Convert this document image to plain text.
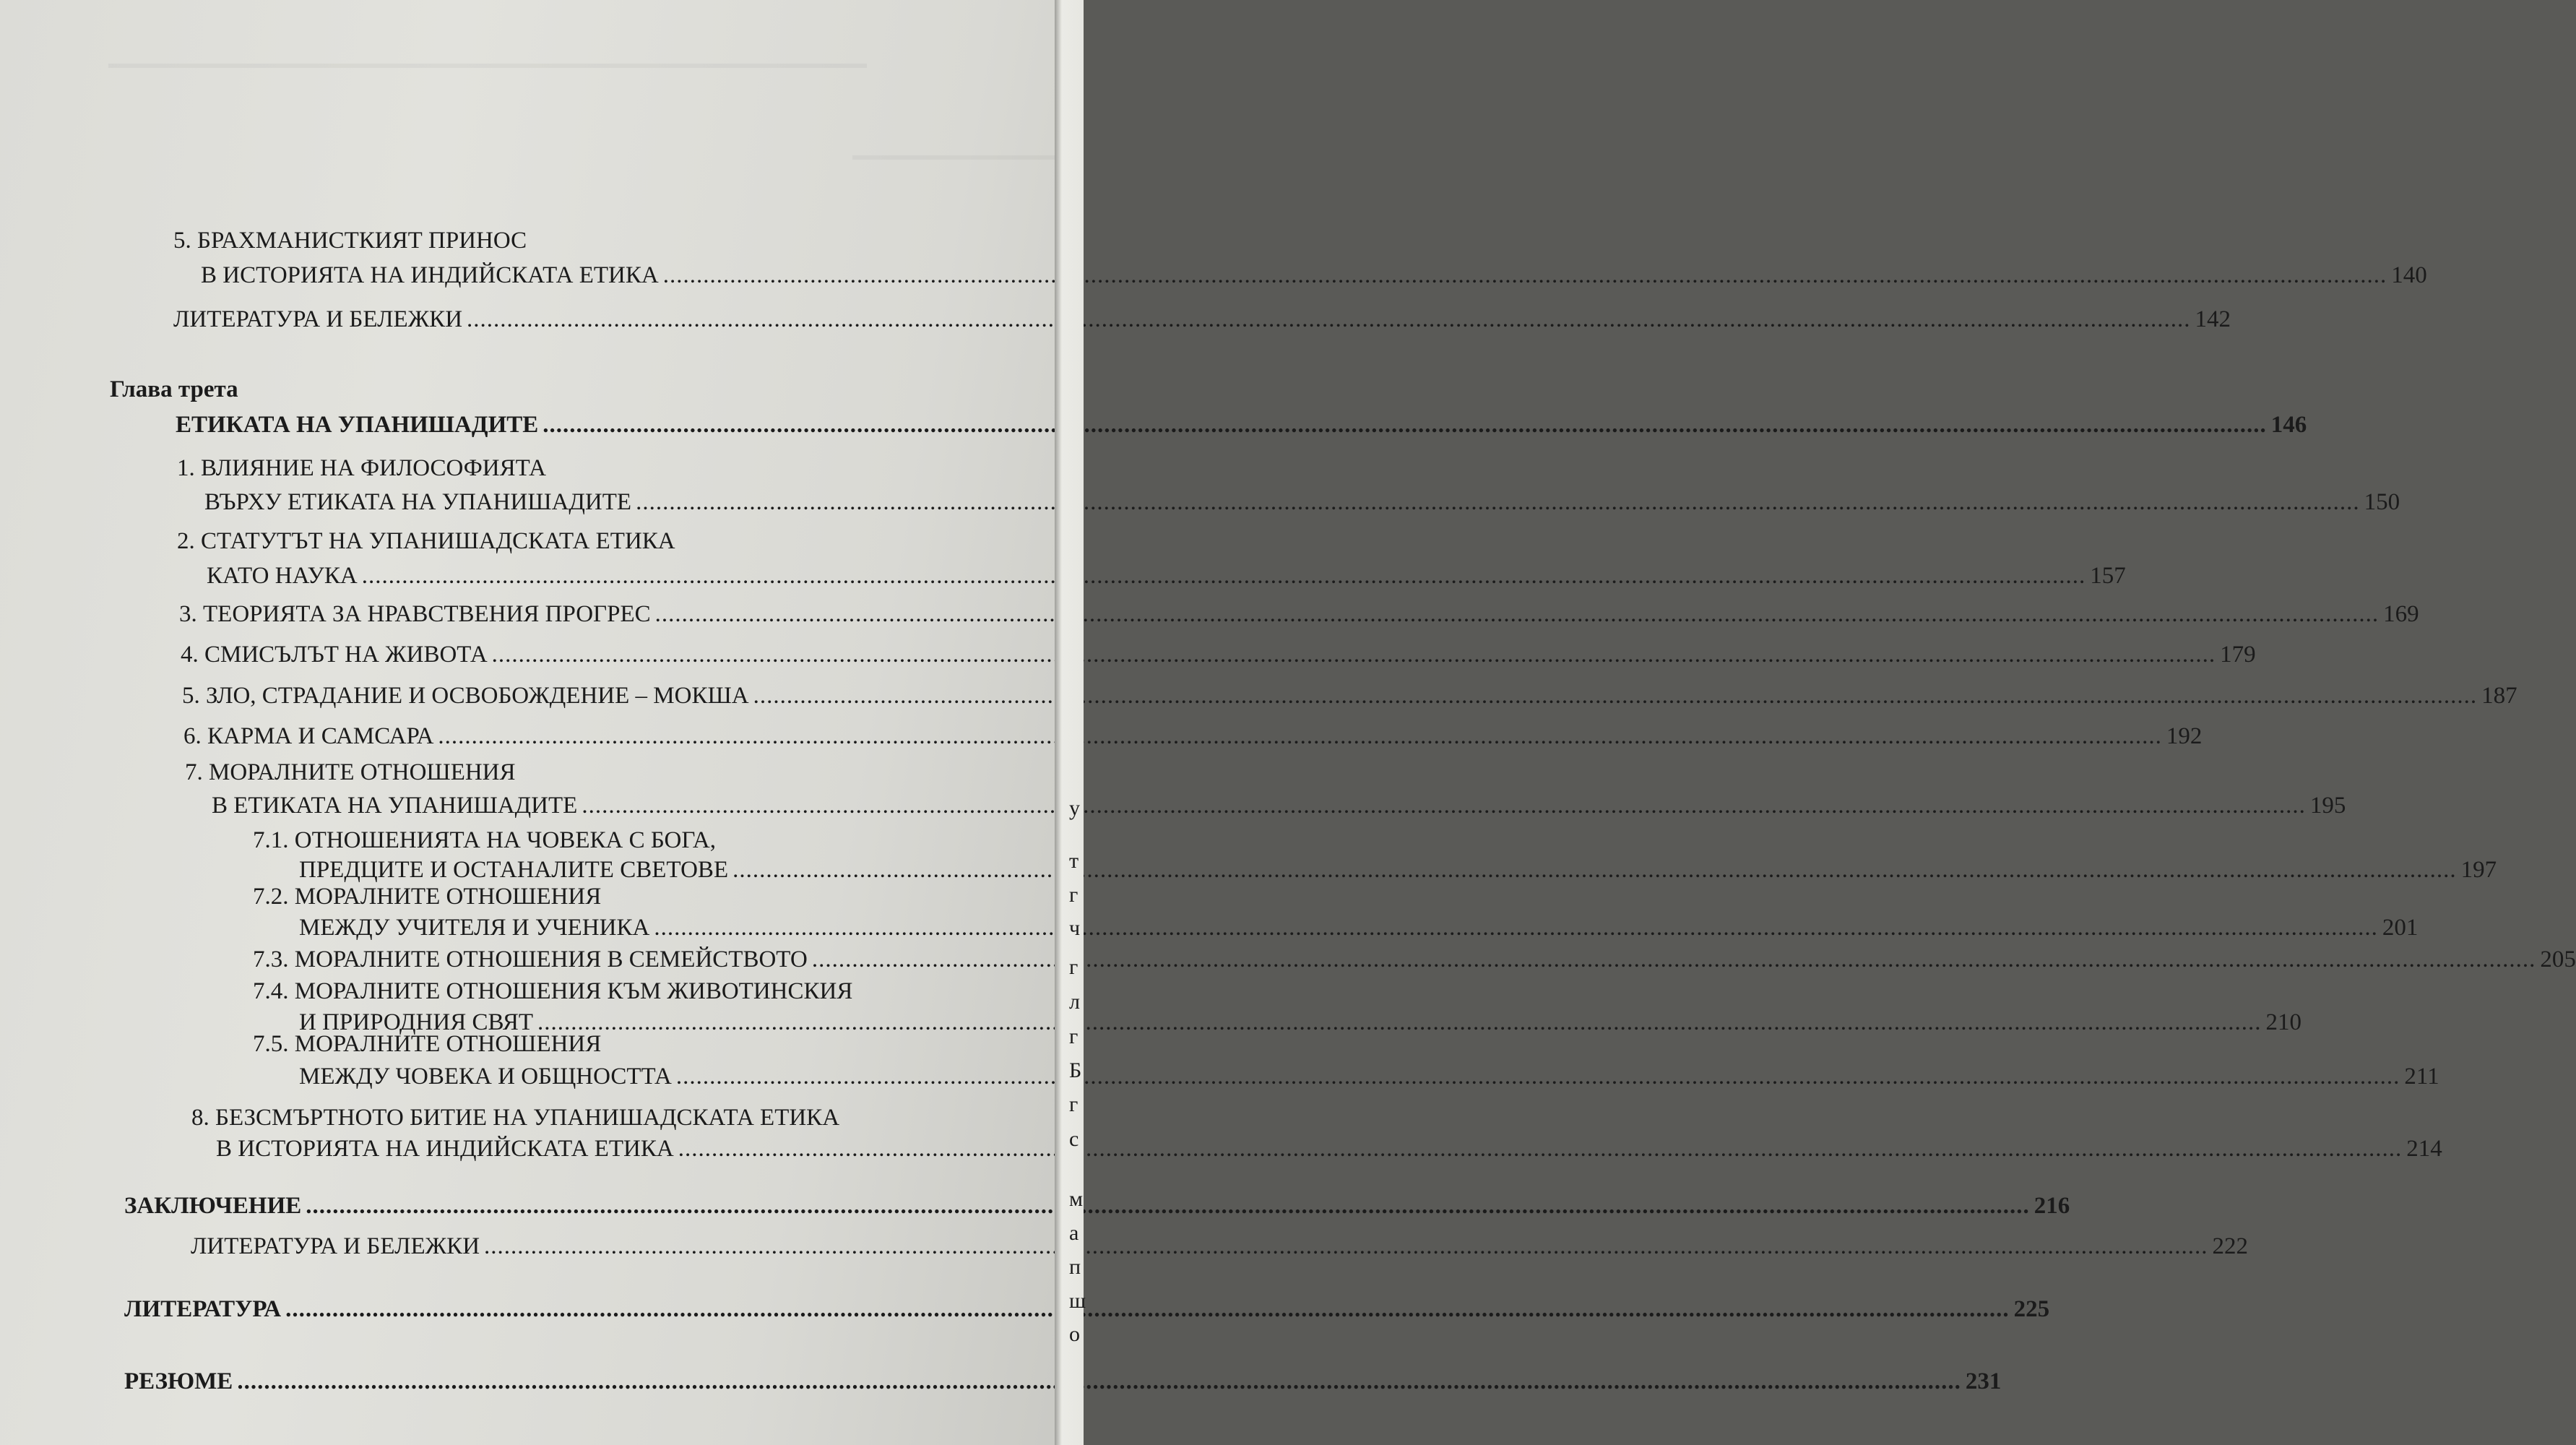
5. БРАХМАНИСТКИЯТ ПРИНОС
В ИСТОРИЯТА НА ИНДИЙСКАТА ЕТИКА .....	140
ЛИТЕРАТУРА И БЕЛЕЖКИ .....	142
Глава трета
ЕТИКАТА НА УПАНИШАДИТЕ .....	146
1. ВЛИЯНИЕ НА ФИЛОСОФИЯТА
ВЪРХУ ЕТИКАТА НА УПАНИШАДИТЕ .....	150
2. СТАТУТЪТ НА УПАНИШАДСКАТА ЕТИКА
КАТО НАУКА .....	157
3. ТЕОРИЯТА ЗА НРАВСТВЕНИЯ ПРОГРЕС .....	169
4. СМИСЪЛЪТ НА ЖИВОТА .....	179
5. ЗЛО, СТРАДАНИЕ И ОСВОБОЖДЕНИЕ – МОКША .....	187
6. КАРМА И САМСАРА .....	192
7. МОРАЛНИТЕ ОТНОШЕНИЯ
В ЕТИКАТА НА УПАНИШАДИТЕ .....	195
7.1. ОТНОШЕНИЯТА НА ЧОВЕКА С БОГА,
ПРЕДЦИТЕ И ОСТАНАЛИТЕ СВЕТОВЕ .....	197
7.2. МОРАЛНИТЕ ОТНОШЕНИЯ
МЕЖДУ УЧИТЕЛЯ И УЧЕНИКА .....	201
7.3. МОРАЛНИТЕ ОТНОШЕНИЯ В СЕМЕЙСТВОТО .....	205
7.4. МОРАЛНИТЕ ОТНОШЕНИЯ КЪМ ЖИВОТИНСКИЯ
И ПРИРОДНИЯ СВЯТ .....	210
7.5. МОРАЛНИТЕ ОТНОШЕНИЯ
МЕЖДУ ЧОВЕКА И ОБЩНОСТТА .....	211
8. БЕЗСМЪРТНОТО БИТИЕ НА УПАНИШАДСКАТА ЕТИКА
В ИСТОРИЯТА НА ИНДИЙСКАТА ЕТИКА .....	214
ЗАКЛЮЧЕНИЕ .....	216
ЛИТЕРАТУРА И БЕЛЕЖКИ .....	222
ЛИТЕРАТУРА .....	225
РЕЗЮМЕ .....	231
у
т
г
ч
г
л
г
Б
г
с
м
а
п
ш
о
